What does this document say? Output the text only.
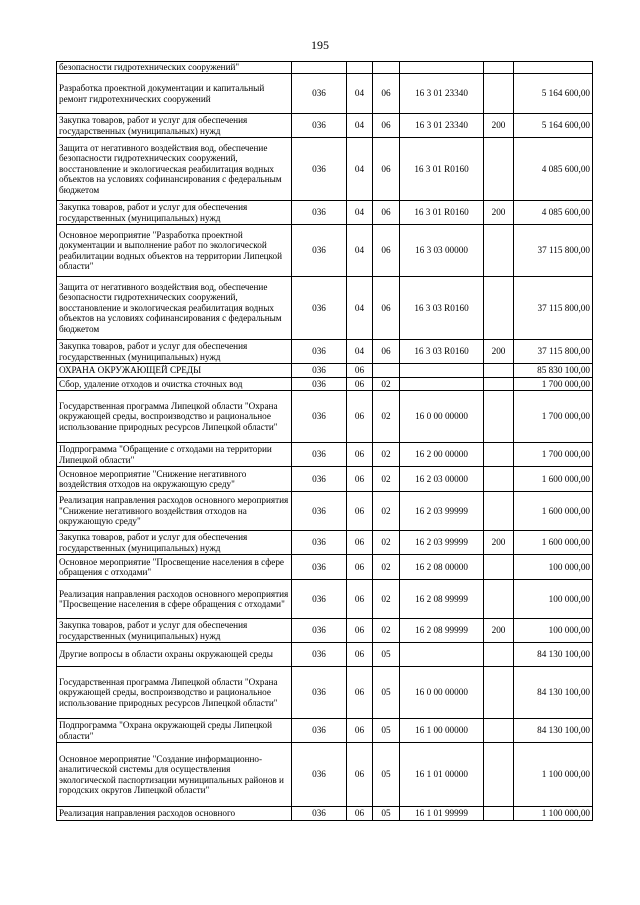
195
безопасности гидротехнических сооружений"						
Разработка проектной документации и капитальный ремонт гидротехнических сооружений	036	04	06	16 3 01 23340		5 164 600,00
Закупка товаров, работ и услуг для обеспечения государственных (муниципальных) нужд	036	04	06	16 3 01 23340	200	5 164 600,00
Защита от негативного воздействия вод, обеспечение безопасности гидротехнических сооружений, восстановление и экологическая реабилитация водных объектов на условиях софинансирования с федеральным бюджетом	036	04	06	16 3 01 R0160		4 085 600,00
Закупка товаров, работ и услуг для обеспечения государственных (муниципальных) нужд	036	04	06	16 3 01 R0160	200	4 085 600,00
Основное мероприятие "Разработка проектной документации и выполнение работ по экологической реабилитации водных объектов на территории Липецкой области"	036	04	06	16 3 03 00000		37 115 800,00
Защита от негативного воздействия вод, обеспечение безопасности гидротехнических сооружений, восстановление и экологическая реабилитация водных объектов на условиях софинансирования с федеральным бюджетом	036	04	06	16 3 03 R0160		37 115 800,00
Закупка товаров, работ и услуг для обеспечения государственных (муниципальных) нужд	036	04	06	16 3 03 R0160	200	37 115 800,00
ОХРАНА ОКРУЖАЮЩЕЙ СРЕДЫ	036	06				85 830 100,00
Сбор, удаление отходов и очистка сточных вод	036	06	02			1 700 000,00
Государственная программа Липецкой области "Охрана окружающей среды, воспроизводство и рациональное использование природных ресурсов Липецкой области"	036	06	02	16 0 00 00000		1 700 000,00
Подпрограмма "Обращение с отходами на территории Липецкой области"	036	06	02	16 2 00 00000		1 700 000,00
Основное мероприятие "Снижение негативного воздействия отходов на окружающую среду"	036	06	02	16 2 03 00000		1 600 000,00
Реализация направления расходов основного мероприятия "Снижение негативного воздействия отходов на окружающую среду"	036	06	02	16 2 03 99999		1 600 000,00
Закупка товаров, работ и услуг для обеспечения государственных (муниципальных) нужд	036	06	02	16 2 03 99999	200	1 600 000,00
Основное мероприятие "Просвещение населения в сфере обращения с отходами"	036	06	02	16 2 08 00000		100 000,00
Реализация направления расходов основного мероприятия "Просвещение населения в сфере обращения с отходами"	036	06	02	16 2 08 99999		100 000,00
Закупка товаров, работ и услуг для обеспечения государственных (муниципальных) нужд	036	06	02	16 2 08 99999	200	100 000,00
Другие вопросы в области охраны окружающей среды	036	06	05			84 130 100,00
Государственная программа Липецкой области "Охрана окружающей среды, воспроизводство и рациональное использование природных ресурсов Липецкой области"	036	06	05	16 0 00 00000		84 130 100,00
Подпрограмма "Охрана окружающей среды Липецкой области"	036	06	05	16 1 00 00000		84 130 100,00
Основное мероприятие "Создание информационно-аналитической системы для осуществления экологической паспортизации муниципальных районов и городских округов Липецкой области"	036	06	05	16 1 01 00000		1 100 000,00
Реализация направления расходов основного	036	06	05	16 1 01 99999		1 100 000,00
